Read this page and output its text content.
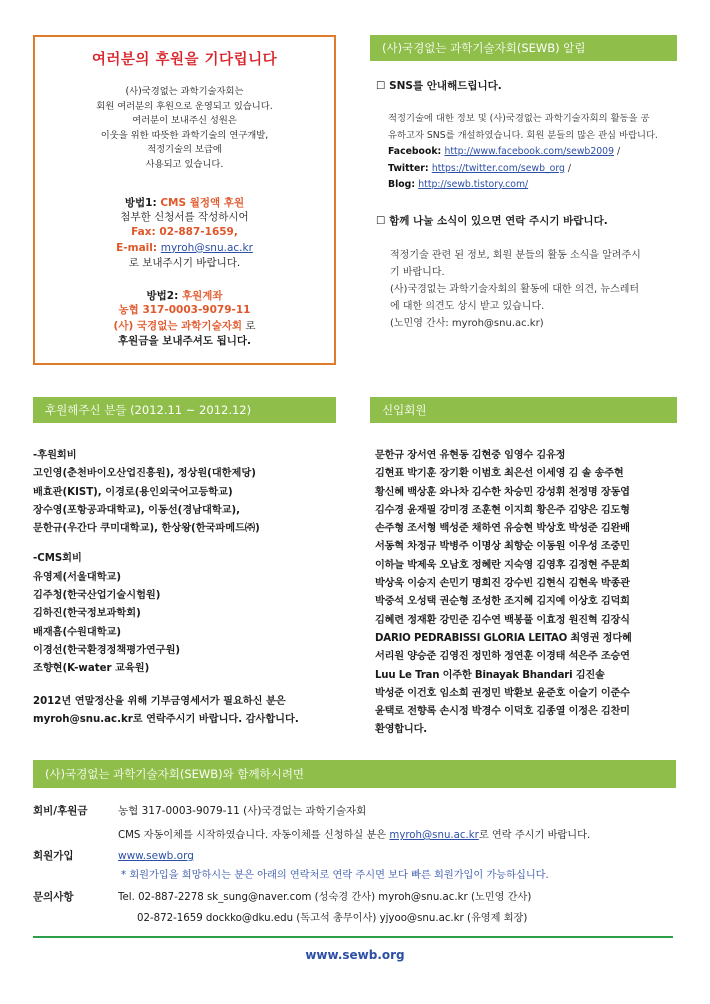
여러분의 후원을 기다립니다
(사)국경없는 과학기술자회는
회원 여러분의 후원으로 운영되고 있습니다.
여러분이 보내주신 성원은
이웃을 위한 따뜻한 과학기술의 연구개발,
적정기술의 보급에
사용되고 있습니다.
방법1: CMS 월정액 후원
첨부한 신청서를 작성하시어
Fax: 02-887-1659,
E-mail: myroh@snu.ac.kr
로 보내주시기 바랍니다.
방법2: 후원계좌
농협 317-0003-9079-11
(사) 국경없는 과학기술자회 로
후원금을 보내주셔도 됩니다.
(사)국경없는 과학기술자회(SEWB) 알림
☐ SNS를 안내해드립니다.
적정기술에 대한 정보 및 (사)국경없는 과학기술자회의 활동을 공
유하고자 SNS를 개설하였습니다. 회원 분들의 많은 관심 바랍니다.
Facebook: http://www.facebook.com/sewb2009 /
Twitter: https://twitter.com/sewb_org /
Blog: http://sewb.tistory.com/
☐ 함께 나눌 소식이 있으면 연락 주시기 바랍니다.
적정기술 관련 된 정보, 회원 분들의 활동 소식을 알려주시
기 바랍니다.
(사)국경없는 과학기술자회의 활동에 대한 의견, 뉴스레터
에 대한 의견도 상시 받고 있습니다.
(노민영 간사: myroh@snu.ac.kr)
후원해주신 분들 (2012.11 ~ 2012.12)
-후원회비
고인영(춘천바이오산업진흥원), 정상원(대한제당)
배효관(KIST), 이경로(용인외국어고등학교)
장수영(포항공과대학교), 이동선(경남대학교),
문한규(우간다 쿠미대학교), 한상왕(한국파메드㈜)
-CMS회비
유영제(서울대학교)
김주청(한국산업기술시험원)
김하진(한국정보과학회)
배재흠(수원대학교)
이경선(한국환경정책평가연구원)
조향현(K-water 교육원)
2012년 연말정산을 위해 기부금영세서가 필요하신 분은
myroh@snu.ac.kr로 연락주시기 바랍니다. 감사합니다.
신입회원
문한규 장서연 유현동 김현중 임영수 김유정
김현표 박기훈 장기환 이범호 최은선 이세영 김 솔 송주현
황신혜 백상훈 와나차 김수한 차승민 강성휘 천정명 장동엽
김수경 윤재필 강미경 조훈현 이지희 황은주 김양은 김도형
손주형 조서형 백성준 채하연 유승현 박상호 박성준 김완배
서동혁 차정규 박병주 이명상 최향순 이동원 이우성 조중민
이하늘 박제욱 오남호 정혜란 지숙영 김영후 김정현 주문희
박상욱 이승지 손민기 명희진 강수빈 김현식 김현욱 박종관
박중석 오성택 권순형 조성한 조지혜 김지예 이상호 김덕희
김혜련 정재환 강민준 김수연 백봉풀 이효정 원진혁 김장식
DARIO PEDRABISSI GLORIA LEITAO 최영권 정다혜
서리원 양승준 김영진 정민하 정연훈 이경태 석은주 조승연
Luu Le Tran 이주한 Binayak Bhandari 김진솔
박성준 이건호 임소희 권정민 박환보 윤준호 이슬기 이준수
윤택로 전향록 손시정 박경수 이덕호 김종열 이정은 김찬미
환영합니다.
(사)국경없는 과학기술자회(SEWB)와 함께하시려면
회비/후원금	농협 317-0003-9079-11 (사)국경없는 과학기술자회
CMS 자동이체를 시작하였습니다. 자동이체를 신청하실 분은 myroh@snu.ac.kr로 연락 주시기 바랍니다.
회원가입	www.sewb.org
* 회원가입을 희망하시는 분은 아래의 연락처로 연락 주시면 보다 빠른 회원가입이 가능하십니다.
문의사항	Tel. 02-887-2278 sk_sung@naver.com (성숙경 간사) myroh@snu.ac.kr (노민영 간사)
02-872-1659 dockko@dku.edu (독고석 총무이사) yjyoo@snu.ac.kr (유영제 회장)
www.sewb.org
